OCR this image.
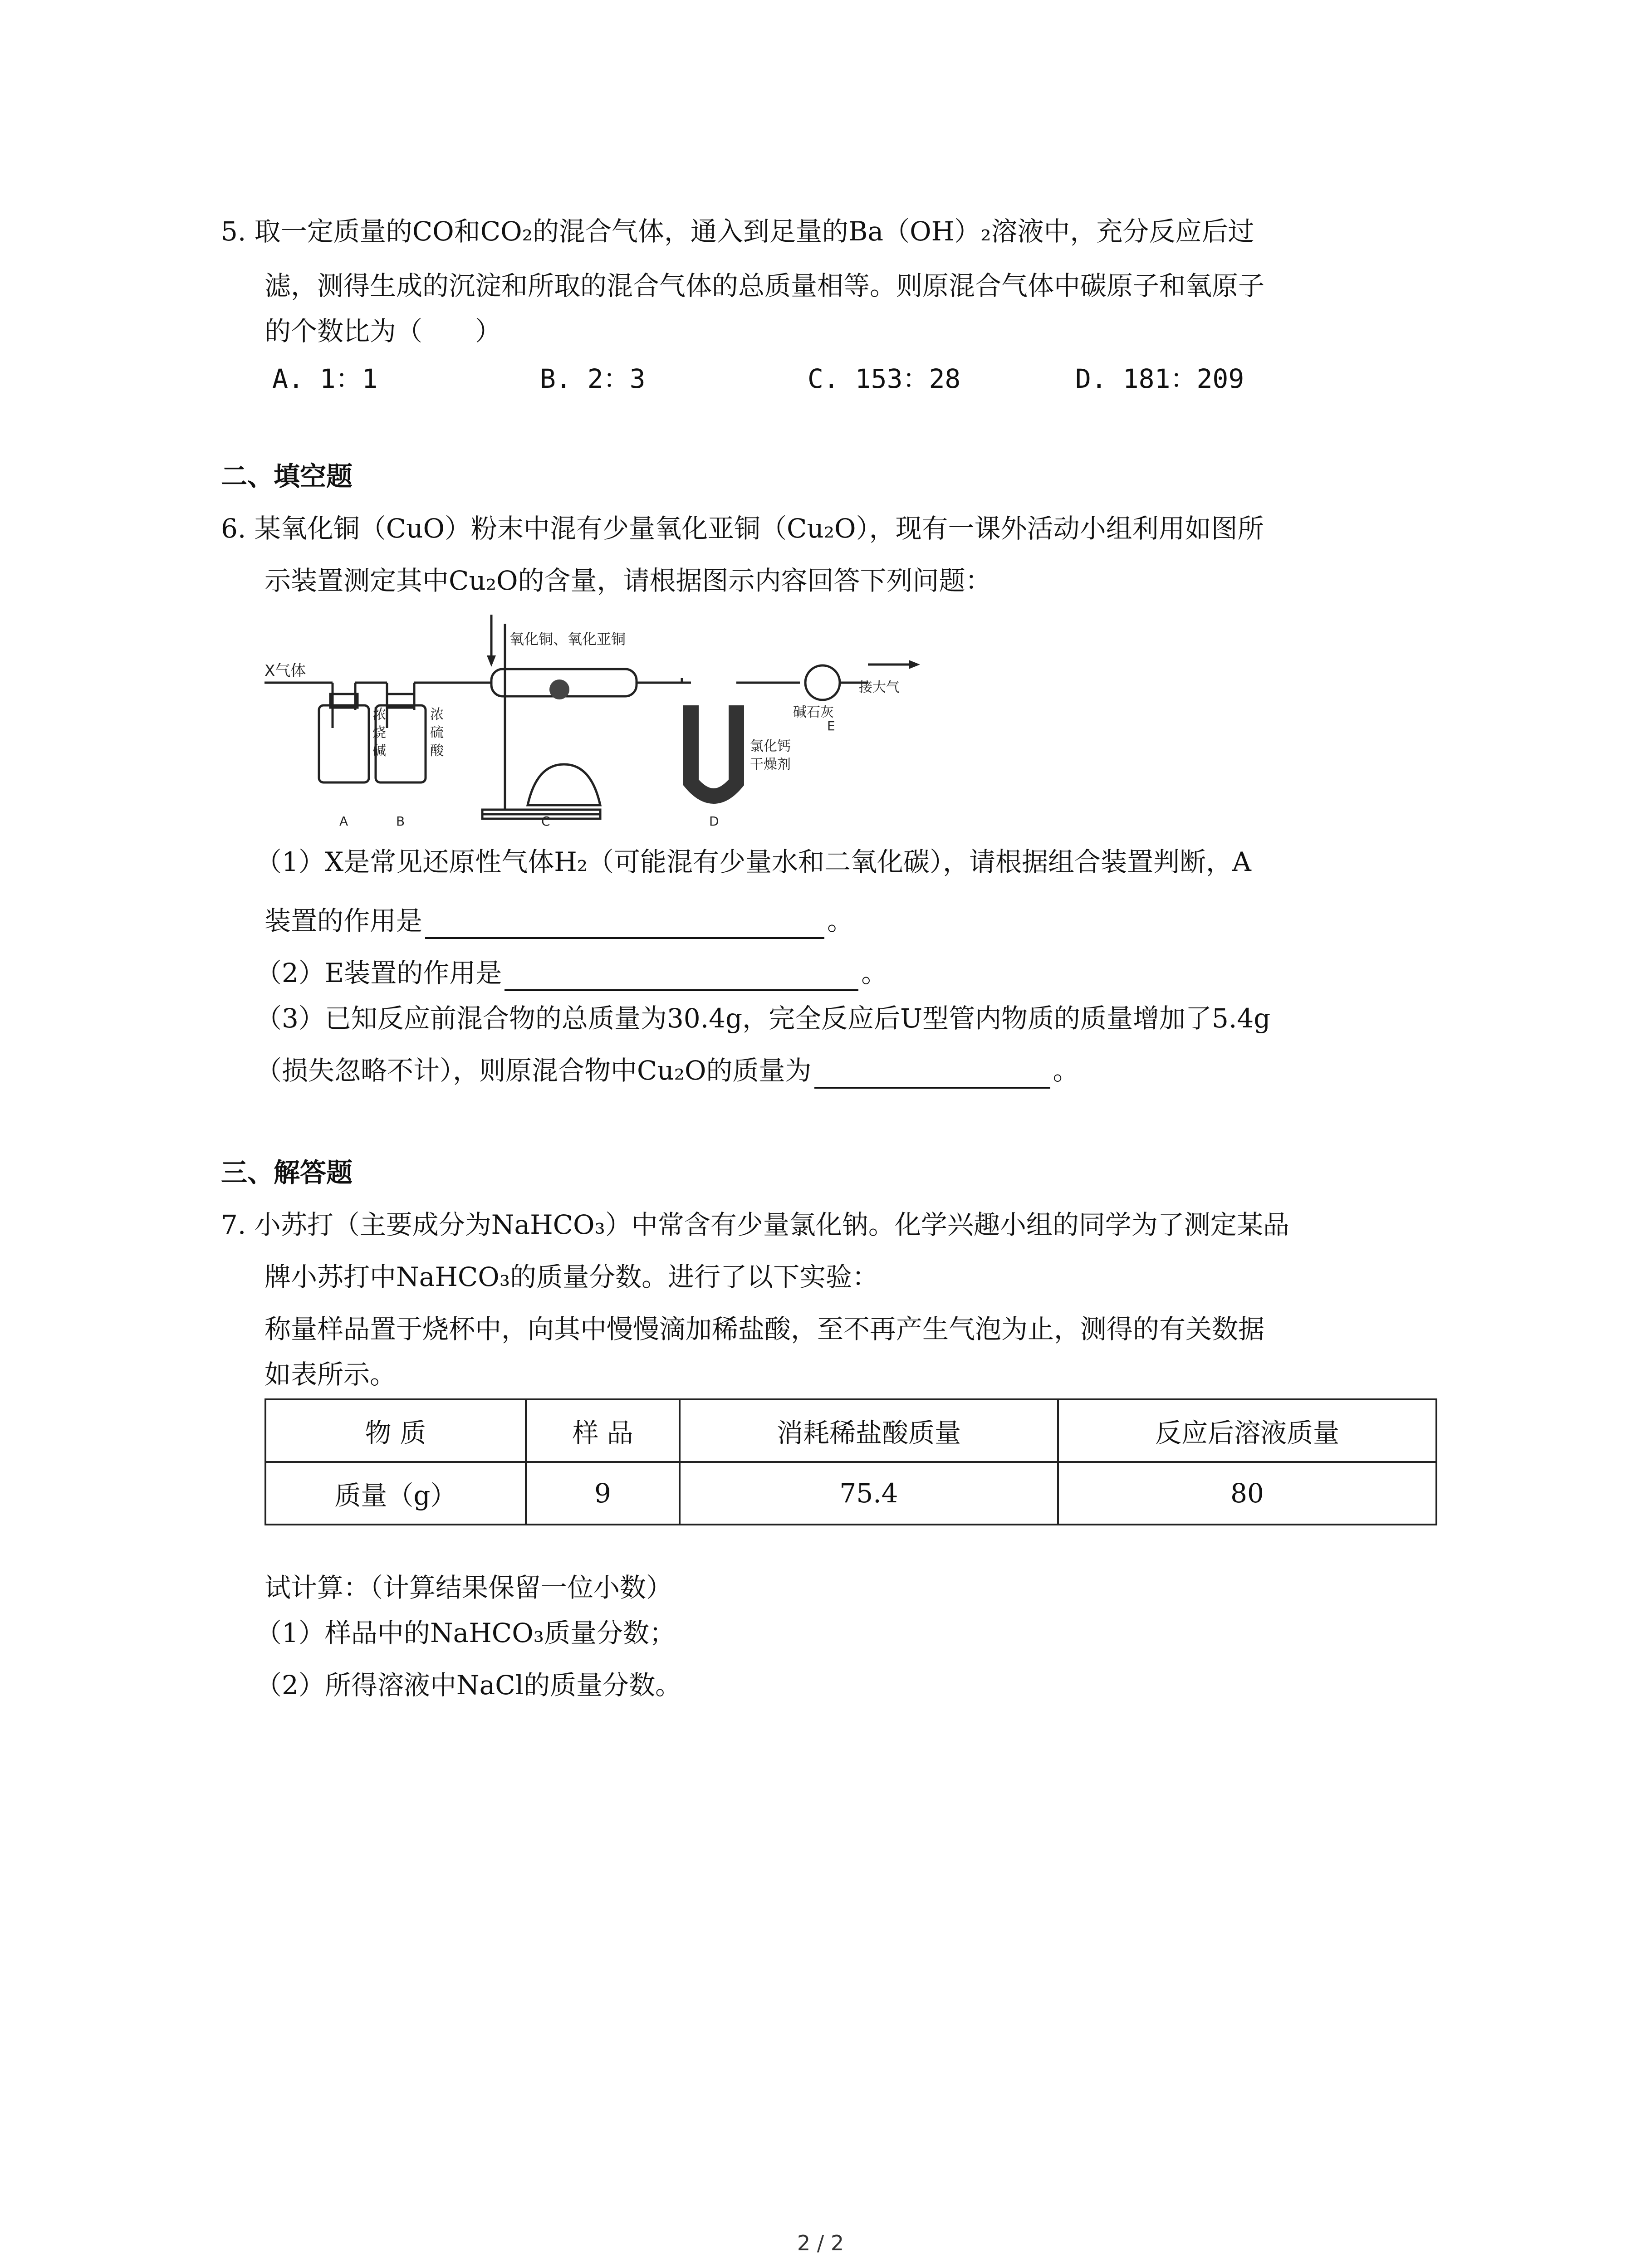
5. 取一定质量的CO和CO₂的混合气体，通入到足量的Ba（OH）₂溶液中，充分反应后过
滤，测得生成的沉淀和所取的混合气体的总质量相等。则原混合气体中碳原子和氧原子
的个数比为（　　）
A. 1：1	B. 2：3	C. 153：28	D. 181：209
二、填空题
6. 某氧化铜（CuO）粉末中混有少量氧化亚铜（Cu₂O），现有一课外活动小组利用如图所
示装置测定其中Cu₂O的含量，请根据图示内容回答下列问题：
X气体
氧化铜、氧化亚铜
浓
烧
碱
浓
硫
酸	氯化钙
干燥剂
碱石灰
接大气
A	B	C	D
E
（1）X是常见还原性气体H₂（可能混有少量水和二氧化碳），请根据组合装置判断，A
装置的作用是	。
（2）E装置的作用是	。
（3）已知反应前混合物的总质量为30.4g，完全反应后U型管内物质的质量增加了5.4g
（损失忽略不计），则原混合物中Cu₂O的质量为	。
三、解答题
7. 小苏打（主要成分为NaHCO₃）中常含有少量氯化钠。化学兴趣小组的同学为了测定某品
牌小苏打中NaHCO₃的质量分数。进行了以下实验：
称量样品置于烧杯中，向其中慢慢滴加稀盐酸，至不再产生气泡为止，测得的有关数据
如表所示。
物 质	样 品	消耗稀盐酸质量	反应后溶液质量
质量（g）	9	75.4	80
试计算：（计算结果保留一位小数）
（1）样品中的NaHCO₃质量分数；
（2）所得溶液中NaCl的质量分数。
2 / 2
